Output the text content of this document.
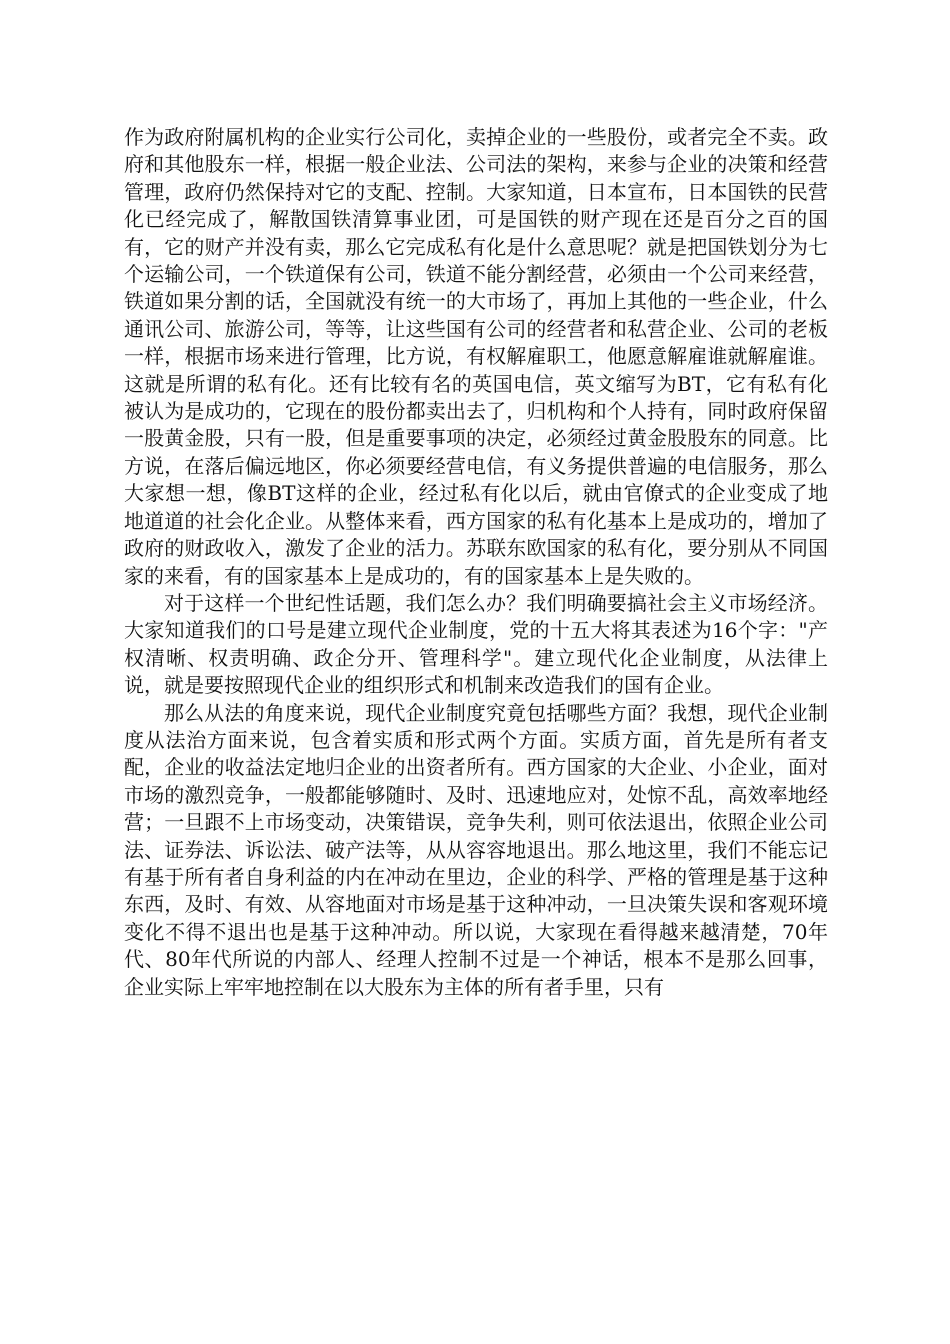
作为政府附属机构的企业实行公司化，卖掉企业的一些股份，或者完全不卖。政府和其他股东一样，根据一般企业法、公司法的架构，来参与企业的决策和经营管理，政府仍然保持对它的支配、控制。大家知道，日本宣布，日本国铁的民营化已经完成了，解散国铁清算事业团，可是国铁的财产现在还是百分之百的国有，它的财产并没有卖，那么它完成私有化是什么意思呢？就是把国铁划分为七个运输公司，一个铁道保有公司，铁道不能分割经营，必须由一个公司来经营，铁道如果分割的话，全国就没有统一的大市场了，再加上其他的一些企业，什么通讯公司、旅游公司，等等，让这些国有公司的经营者和私营企业、公司的老板一样，根据市场来进行管理，比方说，有权解雇职工，他愿意解雇谁就解雇谁。这就是所谓的私有化。还有比较有名的英国电信，英文缩写为BT，它有私有化被认为是成功的，它现在的股份都卖出去了，归机构和个人持有，同时政府保留一股黄金股，只有一股，但是重要事项的决定，必须经过黄金股股东的同意。比方说，在落后偏远地区，你必须要经营电信，有义务提供普遍的电信服务，那么大家想一想，像BT这样的企业，经过私有化以后，就由官僚式的企业变成了地地道道的社会化企业。从整体来看，西方国家的私有化基本上是成功的，增加了政府的财政收入，激发了企业的活力。苏联东欧国家的私有化，要分别从不同国家的来看，有的国家基本上是成功的，有的国家基本上是失败的。

对于这样一个世纪性话题，我们怎么办？我们明确要搞社会主义市场经济。大家知道我们的口号是建立现代企业制度，党的十五大将其表述为16个字："产权清晰、权责明确、政企分开、管理科学"。建立现代化企业制度，从法律上说，就是要按照现代企业的组织形式和机制来改造我们的国有企业。

那么从法的角度来说，现代企业制度究竟包括哪些方面？我想，现代企业制度从法治方面来说，包含着实质和形式两个方面。实质方面，首先是所有者支配，企业的收益法定地归企业的出资者所有。西方国家的大企业、小企业，面对市场的激烈竞争，一般都能够随时、及时、迅速地应对，处惊不乱，高效率地经营；一旦跟不上市场变动，决策错误，竞争失利，则可依法退出，依照企业公司法、证券法、诉讼法、破产法等，从从容容地退出。那么地这里，我们不能忘记有基于所有者自身利益的内在冲动在里边，企业的科学、严格的管理是基于这种东西，及时、有效、从容地面对市场是基于这种冲动，一旦决策失误和客观环境变化不得不退出也是基于这种冲动。所以说，大家现在看得越来越清楚，70年代、80年代所说的内部人、经理人控制不过是一个神话，根本不是那么回事，企业实际上牢牢地控制在以大股东为主体的所有者手里，只有
